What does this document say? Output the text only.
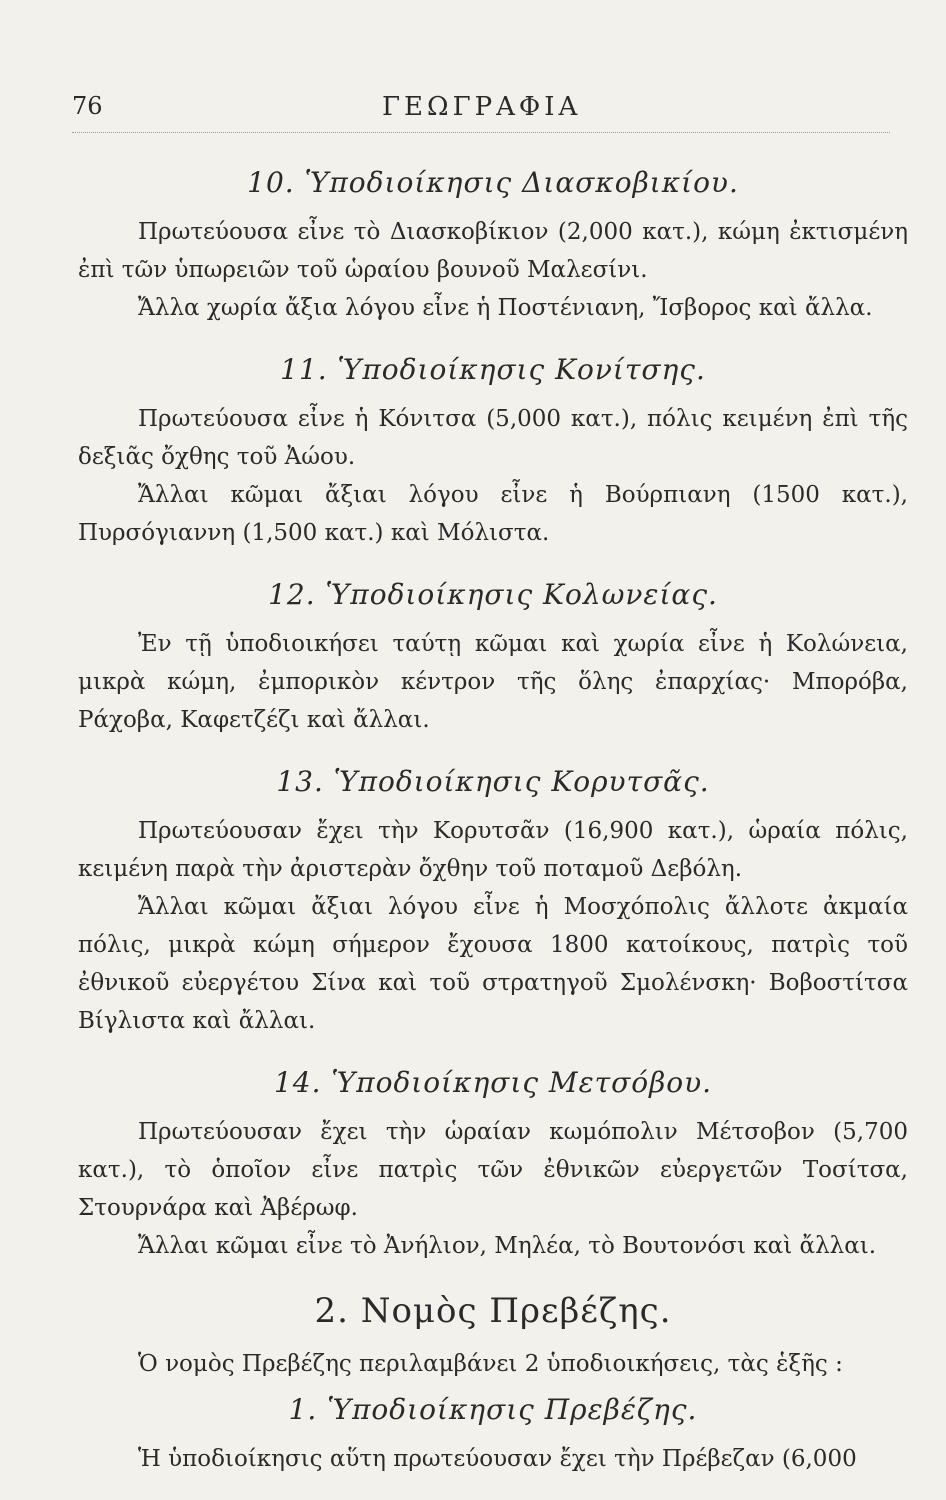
76	ΓΕΩΓΡΑΦΙΑ
10. Ὑποδιοίκησις Διασκοβικίου.

Πρωτεύουσα εἶνε τὸ Διασκοβίκιον (2,000 κατ.), κώμη ἐκτισμένη ἐπὶ τῶν ὑπωρειῶν τοῦ ὡραίου βουνοῦ Μαλεσίνι.

Ἄλλα χωρία ἄξια λόγου εἶνε ἡ Ποστένιανη, Ἴσβορος καὶ ἄλλα.

11. Ὑποδιοίκησις Κονίτσης.

Πρωτεύουσα εἶνε ἡ Κόνιτσα (5,000 κατ.), πόλις κειμένη ἐπὶ τῆς δεξιᾶς ὄχθης τοῦ Ἀώου.

Ἄλλαι κῶμαι ἄξιαι λόγου εἶνε ἡ Βούρπιανη (1500 κατ.), Πυρσόγιαννη (1,500 κατ.) καὶ Μόλιστα.

12. Ὑποδιοίκησις Κολωνείας.

Ἐν τῇ ὑποδιοικήσει ταύτῃ κῶμαι καὶ χωρία εἶνε ἡ Κολώνεια, μικρὰ κώμη, ἐμπορικὸν κέντρον τῆς ὅλης ἐπαρχίας· Μπορόβα, Ράχοβα, Καφετζέζι καὶ ἄλλαι.

13. Ὑποδιοίκησις Κορυτσᾶς.

Πρωτεύουσαν ἔχει τὴν Κορυτσᾶν (16,900 κατ.), ὡραία πόλις, κειμένη παρὰ τὴν ἀριστερὰν ὄχθην τοῦ ποταμοῦ Δεβόλη.

Ἄλλαι κῶμαι ἄξιαι λόγου εἶνε ἡ Μοσχόπολις ἄλλοτε ἀκμαία πόλις, μικρὰ κώμη σήμερον ἔχουσα 1800 κατοίκους, πατρὶς τοῦ ἐθνικοῦ εὐεργέτου Σίνα καὶ τοῦ στρατηγοῦ Σμολένσκη· Βοβοστίτσα Βίγλιστα καὶ ἄλλαι.

14. Ὑποδιοίκησις Μετσόβου.

Πρωτεύουσαν ἔχει τὴν ὡραίαν κωμόπολιν Μέτσοβον (5,700 κατ.), τὸ ὁποῖον εἶνε πατρὶς τῶν ἐθνικῶν εὐεργετῶν Τοσίτσα, Στουρνάρα καὶ Ἀβέρωφ.

Ἄλλαι κῶμαι εἶνε τὸ Ἀνήλιον, Μηλέα, τὸ Βουτονόσι καὶ ἄλλαι.

2. Νομὸς Πρεβέζης.

Ὁ νομὸς Πρεβέζης περιλαμβάνει 2 ὑποδιοικήσεις, τὰς ἑξῆς :

1. Ὑποδιοίκησις Πρεβέζης.

Ἡ ὑποδιοίκησις αὕτη πρωτεύουσαν ἔχει τὴν Πρέβεζαν (6,000
